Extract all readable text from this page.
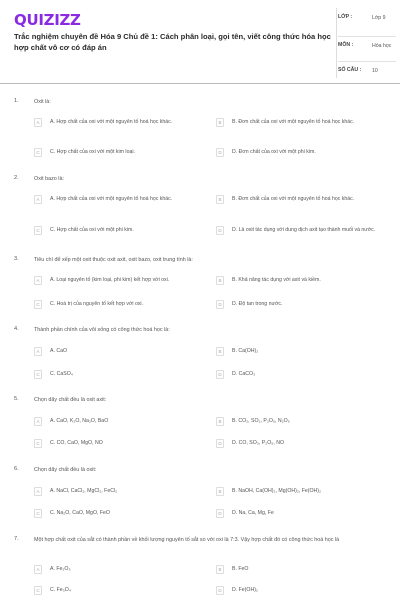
QUIZIZZ
Trắc nghiệm chuyên đề Hóa 9 Chủ đề 1: Cách phân loại, gọi tên, viết công thức hóa học hợp chất vô cơ có đáp án
LỚP :	Lớp 9
MÔN :	Hóa học
SỐ CÂU : 10
1.	Oxit là:
A	A. Hợp chất của oxi với một nguyên tố hoá học khác.	B	B. Đơn chất của oxi với một nguyên tố hoá học khác.
C	C. Hợp chất của oxi với một kim loại.	D	D. Đơn chất của oxi với một phi kim.
2.	Oxit bazo là:
A	A. Hợp chất của oxi với một nguyên tố hoá học khác.	B	B. Đơn chất của oxi với một nguyên tố hoá học khác.
C	C. Hợp chất của oxi với một phi kim.	D	D. Là oxit tác dụng với dung dịch axit tạo thành muối và nước.
3.	Tiêu chí để xếp một oxit thuộc oxit axit, oxit bazo, oxit trung tính là:
A	A. Loại nguyên tố (kim loại, phi kim) kết hợp với oxi.	B	B. Khả năng tác dụng với axit và kiềm.
C	C. Hoá trị của nguyên tố kết hợp với oxi.	D	D. Độ tan trong nước.
4.	Thành phần chính của vôi sống có công thức hoá học là:
A	A. CaO	B	B. Ca(OH)₂
C	C. CaSO₄	D	D. CaCO₃
5.	Chọn dãy chất đều là oxit axit:
A	A. CaO, K₂O, Na₂O, BaO	B	B. CO₂, SO₂, P₂O₅, N₂O₅
C	C. CO, CaO, MgO, NO	D	D. CO, SO₃, P₂O₅, NO
6.	Chọn dãy chất đều là oxit:
A	A. NaCl, CaCl₂, MgCl₂, FeCl₂	B	B. NaOH, Ca(OH)₂, Mg(OH)₂, Fe(OH)₂
C	C. Na₂O, CaO, MgO, FeO	D	D. Na, Ca, Mg, Fe
7.	Một hợp chất oxit của sắt có thành phần về khối lượng nguyên tố sắt so với oxi là 7:3. Vậy hợp chất đó có công thức hoá học là
A	A. Fe₂O₃	B	B. FeO
C	C. Fe₃O₄	D	D. Fe(OH)₂
